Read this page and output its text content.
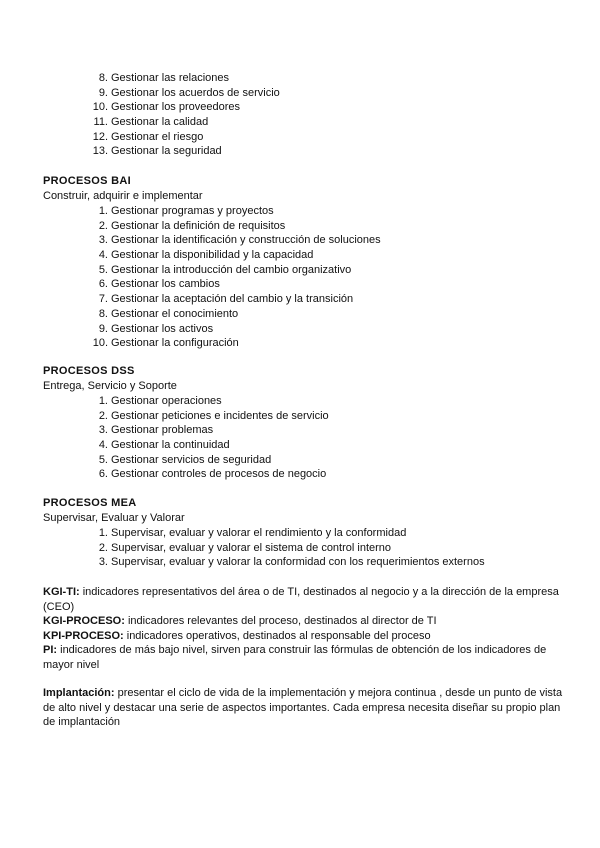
8. Gestionar las relaciones
9. Gestionar los acuerdos de servicio
10. Gestionar los proveedores
11. Gestionar la calidad
12. Gestionar el riesgo
13. Gestionar la seguridad
PROCESOS BAI
Construir, adquirir e implementar
1. Gestionar programas y proyectos
2. Gestionar la definición de requisitos
3. Gestionar la identificación y construcción de soluciones
4. Gestionar la disponibilidad y la capacidad
5. Gestionar la introducción del cambio organizativo
6. Gestionar los cambios
7. Gestionar la aceptación del cambio y la transición
8. Gestionar el conocimiento
9. Gestionar los activos
10. Gestionar la configuración
PROCESOS DSS
Entrega, Servicio y Soporte
1. Gestionar operaciones
2. Gestionar peticiones e incidentes de servicio
3. Gestionar problemas
4. Gestionar la continuidad
5. Gestionar servicios de seguridad
6. Gestionar controles de procesos de negocio
PROCESOS MEA
Supervisar, Evaluar y Valorar
1. Supervisar, evaluar y valorar el rendimiento y la conformidad
2. Supervisar, evaluar y valorar el sistema de control interno
3. Supervisar, evaluar y valorar la conformidad con los requerimientos externos

KGI-TI: indicadores representativos del área o de TI, destinados al negocio y a la dirección de la empresa (CEO)

KGI-PROCESO: indicadores relevantes del proceso, destinados al director de TI

KPI-PROCESO: indicadores operativos, destinados al responsable del proceso

PI: indicadores de más bajo nivel, sirven para construir las fórmulas de obtención de los indicadores de mayor nivel

Implantación: presentar el ciclo de vida de la implementación y mejora continua , desde un punto de vista de alto nivel y destacar una serie de aspectos importantes. Cada empresa necesita diseñar su propio plan de implantación
